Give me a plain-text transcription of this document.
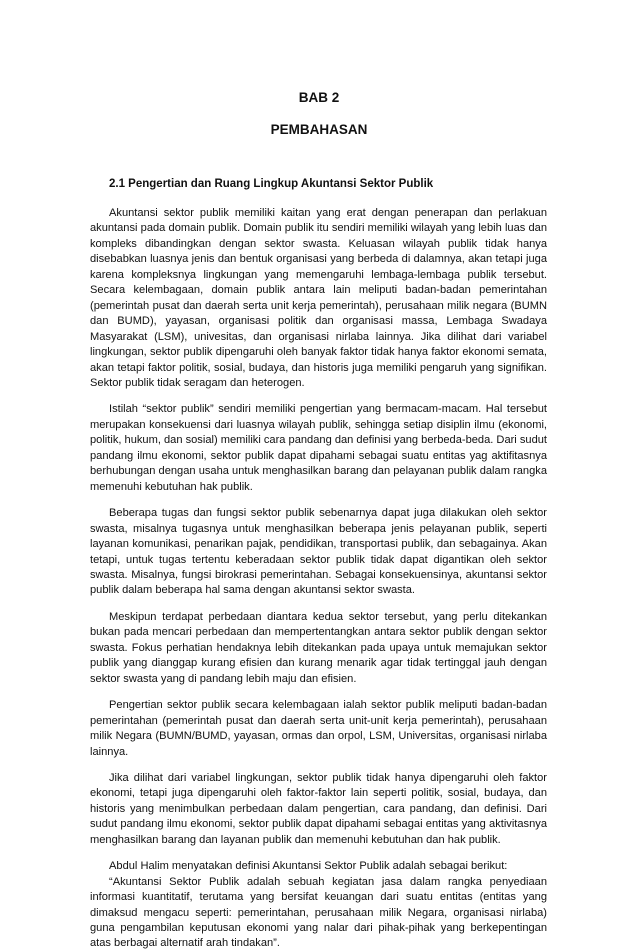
BAB 2
PEMBAHASAN
2.1 Pengertian dan Ruang Lingkup Akuntansi Sektor Publik

Akuntansi sektor publik memiliki kaitan yang erat dengan penerapan dan perlakuan akuntansi pada domain publik. Domain publik itu sendiri memiliki wilayah yang lebih luas dan kompleks dibandingkan dengan sektor swasta. Keluasan wilayah publik tidak hanya disebabkan luasnya jenis dan bentuk organisasi yang berbeda di dalamnya, akan tetapi juga karena kompleksnya lingkungan yang memengaruhi lembaga-lembaga publik tersebut. Secara kelembagaan, domain publik antara lain meliputi badan-badan pemerintahan (pemerintah pusat dan daerah serta unit kerja pemerintah), perusahaan milik negara (BUMN dan BUMD), yayasan, organisasi politik dan organisasi massa, Lembaga Swadaya Masyarakat (LSM), univesitas, dan organisasi nirlaba lainnya. Jika dilihat dari variabel lingkungan, sektor publik dipengaruhi oleh banyak faktor tidak hanya faktor ekonomi semata, akan tetapi faktor politik, sosial, budaya, dan historis juga memiliki pengaruh yang signifikan. Sektor publik tidak seragam dan heterogen.

Istilah “sektor publik” sendiri memiliki pengertian yang bermacam-macam. Hal tersebut merupakan konsekuensi dari luasnya wilayah publik, sehingga setiap disiplin ilmu (ekonomi, politik, hukum, dan sosial) memiliki cara pandang dan definisi yang berbeda-beda. Dari sudut pandang ilmu ekonomi, sektor publik dapat dipahami sebagai suatu entitas yag aktifitasnya berhubungan dengan usaha untuk menghasilkan barang dan pelayanan publik dalam rangka memenuhi kebutuhan hak publik.

Beberapa tugas dan fungsi sektor publik sebenarnya dapat juga dilakukan oleh sektor swasta, misalnya tugasnya untuk menghasilkan beberapa jenis pelayanan publik, seperti layanan komunikasi, penarikan pajak, pendidikan, transportasi publik, dan sebagainya. Akan tetapi, untuk tugas tertentu keberadaan sektor publik tidak dapat digantikan oleh sektor swasta. Misalnya, fungsi birokrasi pemerintahan. Sebagai konsekuensinya, akuntansi sektor publik dalam beberapa hal sama dengan akuntansi sektor swasta.

Meskipun terdapat perbedaan diantara kedua sektor tersebut, yang perlu ditekankan bukan pada mencari perbedaan dan mempertentangkan antara sektor publik dengan sektor swasta. Fokus perhatian hendaknya lebih ditekankan pada upaya untuk memajukan sektor publik yang dianggap kurang efisien dan kurang menarik agar tidak tertinggal jauh dengan sektor swasta yang di pandang lebih maju dan efisien.

Pengertian sektor publik secara kelembagaan ialah sektor publik meliputi badan-badan pemerintahan (pemerintah pusat dan daerah serta unit-unit kerja pemerintah), perusahaan milik Negara (BUMN/BUMD, yayasan, ormas dan orpol, LSM, Universitas, organisasi nirlaba lainnya.

Jika dilihat dari variabel lingkungan, sektor publik tidak hanya dipengaruhi oleh faktor ekonomi, tetapi juga dipengaruhi oleh faktor-faktor lain seperti politik, sosial, budaya, dan historis yang menimbulkan perbedaan dalam pengertian, cara pandang, dan definisi. Dari sudut pandang ilmu ekonomi, sektor publik dapat dipahami sebagai entitas yang aktivitasnya menghasilkan barang dan layanan publik dan memenuhi kebutuhan dan hak publik.

Abdul Halim menyatakan definisi Akuntansi Sektor Publik adalah sebagai berikut:

“Akuntansi Sektor Publik adalah sebuah kegiatan jasa dalam rangka penyediaan informasi kuantitatif, terutama yang bersifat keuangan dari suatu entitas (entitas yang dimaksud mengacu seperti: pemerintahan, perusahaan milik Negara, organisasi nirlaba) guna pengambilan keputusan ekonomi yang nalar dari pihak-pihak yang berkepentingan atas berbagai alternatif arah tindakan”.
